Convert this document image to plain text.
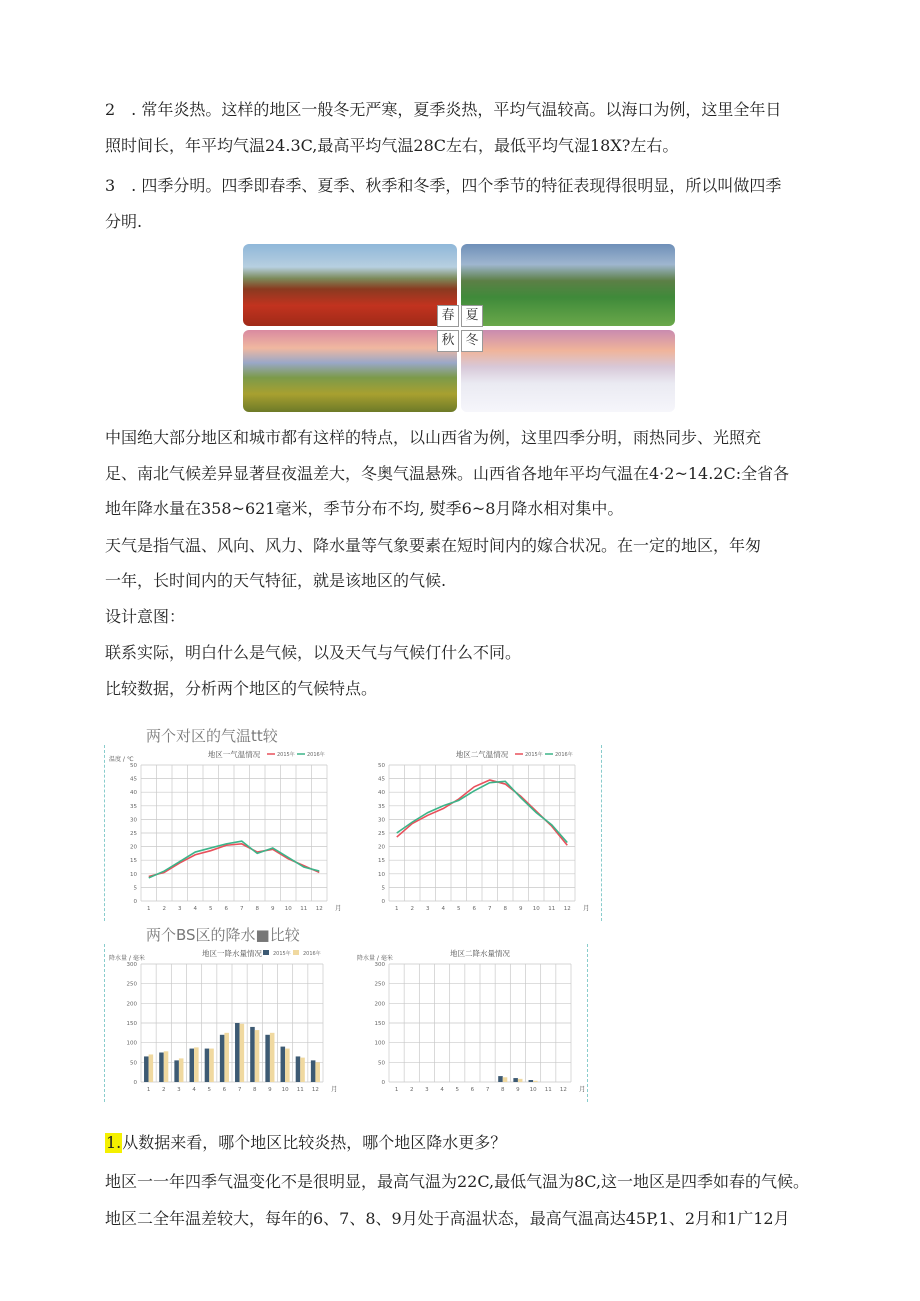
2　. 常年炎热。这样的地区一般冬无严寒，夏季炎热，平均气温较高。以海口为例，这里全年日
照时间长，年平均气温24.3C,最高平均气温28C左右，最低平均气湿18X?左右。
3　. 四季分明。四季即春季、夏季、秋季和冬季，四个季节的特征表现得很明显，所以叫做四季
分明.
春 夏
秋 冬
中国绝大部分地区和城市都有这样的特点，以山西省为例，这里四季分明，雨热同步、光照充
足、南北气候差异显著昼夜温差大，冬奥气温悬殊。山西省各地年平均气温在4·2~14.2C:全省各
地年降水量在358~621毫米，季节分布不均, 熨季6~8月降水相对集中。
天气是指气温、风向、风力、降水量等气象要素在短时间内的嫁合状况。在一定的地区，年匆
一年，长时间内的天气特征，就是该地区的气候.
设计意图：
联系实际，明白什么是气候，以及天气与气候仃什么不同。
比较数据，分析两个地区的气候特点。
两个对区的气温tt较
地区一气温情况
温度 / ℃
2015年 2016年
0
5
10
15
20
25
30
35
40
45
50
1 2 3 4 5 6 7 8 9 10 11 12 月
地区二气温情况	2015年 2016年
0
5
10
15
20
25
30
35
40
45
50
1 2 3 4 5 6 7 8 9 10 11 12 月
两个BS区的降水■比较
地区一降水量情况
降水量 / 毫米
2015年 2016年
0
50
100
150
200
250
300
1 2 3 4 5 6 7 8 9 10 11 12 月
地区二降水量情况
降水量 / 毫米
0
50
100
150
200
250
300
1 2 3 4 5 6 7 8 9 10 11 12 月
1.从数据来看，哪个地区比较炎热，哪个地区降水更多？
地区一一年四季气温变化不是很明显，最高气温为22C,最低气温为8C,这一地区是四季如春的气候。
地区二全年温差较大，每年的6、7、8、9月处于高温状态，最高气温高达45P,1、2月和1广12月
